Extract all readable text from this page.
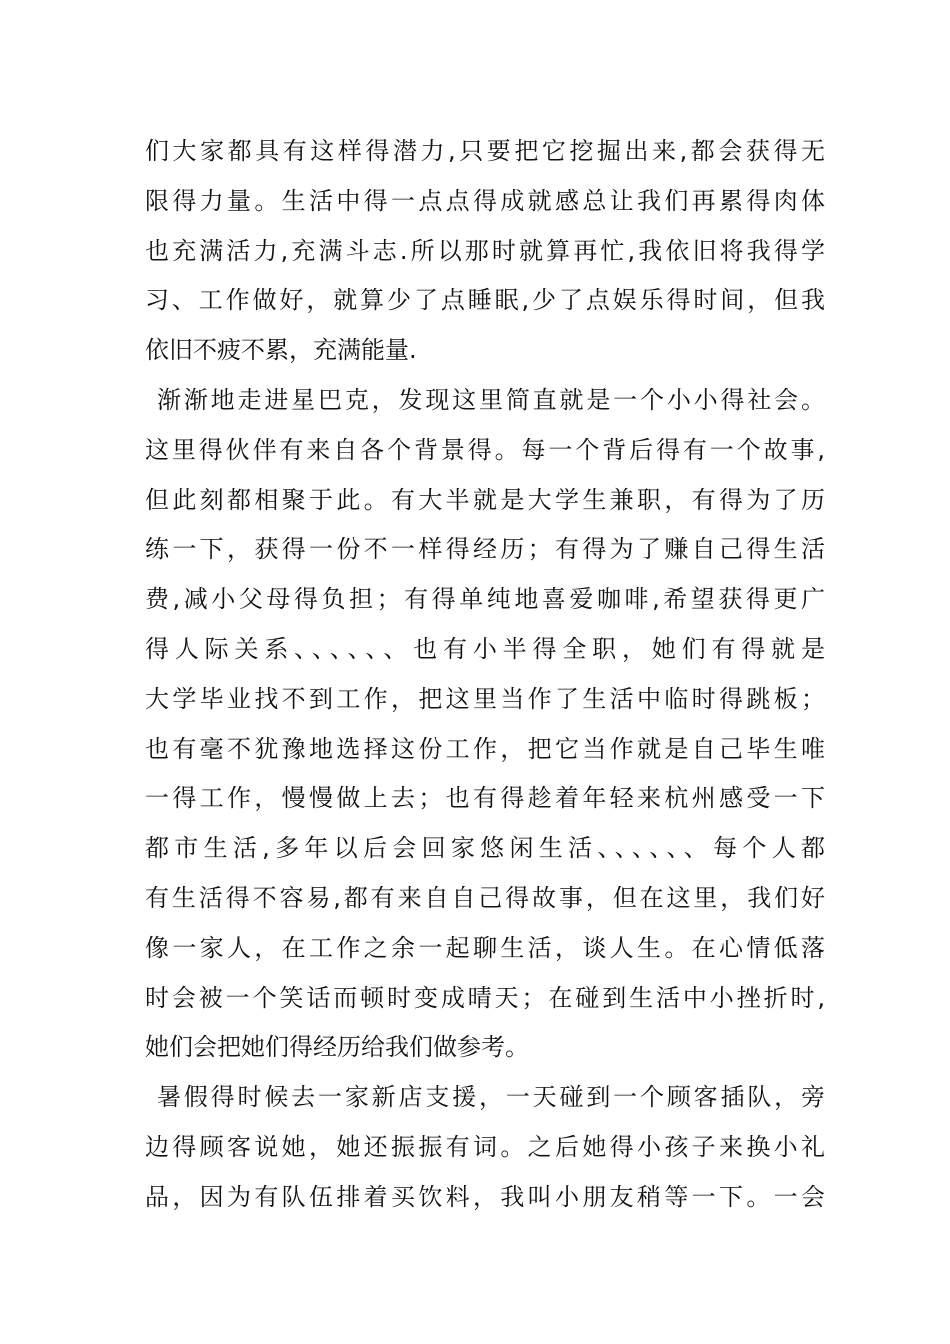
们大家都具有这样得潜力,只要把它挖掘出来,都会获得无
限得力量。生活中得一点点得成就感总让我们再累得肉体
也充满活力,充满斗志.所以那时就算再忙,我依旧将我得学
习、工作做好，就算少了点睡眠,少了点娱乐得时间，但我
依旧不疲不累，充满能量.
渐渐地走进星巴克，发现这里简直就是一个小小得社会。
这里得伙伴有来自各个背景得。每一个背后得有一个故事,
但此刻都相聚于此。有大半就是大学生兼职，有得为了历
练一下，获得一份不一样得经历；有得为了赚自己得生活
费,减小父母得负担；有得单纯地喜爱咖啡,希望获得更广
得人际关系、、、、、、也有小半得全职，她们有得就是
大学毕业找不到工作，把这里当作了生活中临时得跳板；
也有毫不犹豫地选择这份工作，把它当作就是自己毕生唯
一得工作，慢慢做上去；也有得趁着年轻来杭州感受一下
都市生活,多年以后会回家悠闲生活、、、、、、每个人都
有生活得不容易,都有来自自己得故事，但在这里，我们好
像一家人，在工作之余一起聊生活，谈人生。在心情低落
时会被一个笑话而顿时变成晴天；在碰到生活中小挫折时,
她们会把她们得经历给我们做参考。
暑假得时候去一家新店支援，一天碰到一个顾客插队，旁
边得顾客说她，她还振振有词。之后她得小孩子来换小礼
品，因为有队伍排着买饮料，我叫小朋友稍等一下。一会
